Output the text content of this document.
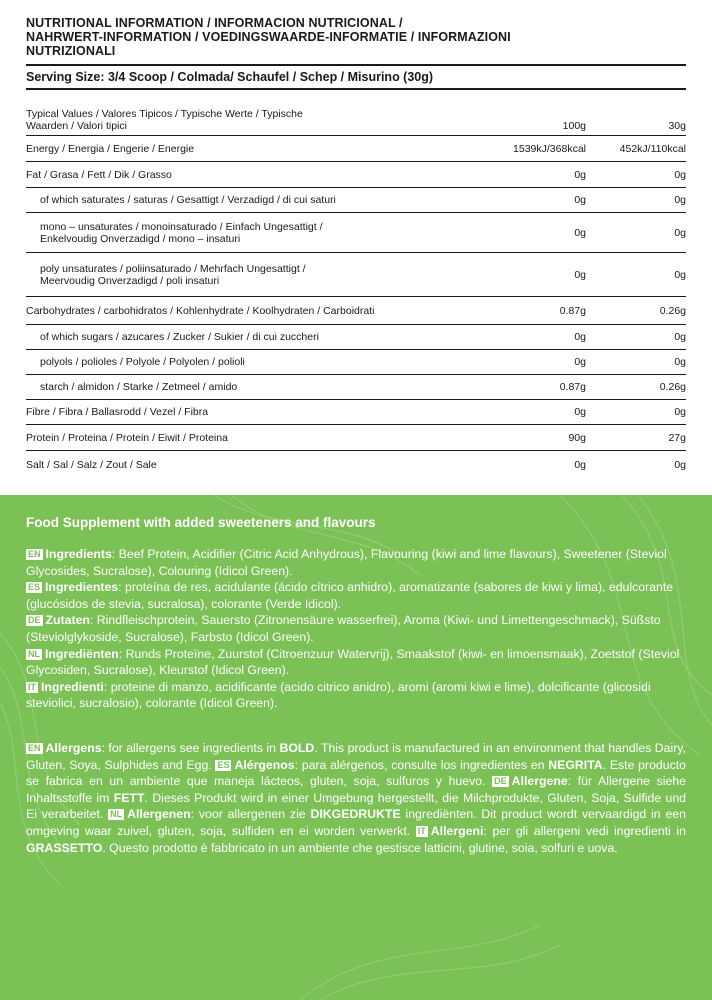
NUTRITIONAL INFORMATION / INFORMACION NUTRICIONAL /
NAHRWERT-INFORMATION / VOEDINGSWAARDE-INFORMATIE / INFORMAZIONI
NUTRIZIONALI
Serving Size: 3/4 Scoop / Colmada/ Schaufel / Schep / Misurino (30g)
Typical Values / Valores Tipicos / Typische Werte / Typische
Waarden / Valori tipici	100g	30g
Energy / Energia / Engerie / Energie	1539kJ/368kcal	452kJ/110kcal
Fat / Grasa / Fett / Dik / Grasso	0g	0g
of which saturates / saturas / Gesattigt / Verzadigd / di cui saturi	0g	0g
mono – unsaturates / monoinsaturado / Einfach Ungesattigt /
Enkelvoudig Onverzadigd / mono – insaturi	0g	0g
poly unsaturates / poliinsaturado / Mehrfach Ungesattigt /
Meervoudig Onverzadigd / poli insaturi	0g	0g
Carbohydrates / carbohidratos / Kohlenhydrate / Koolhydraten / Carboidrati	0.87g	0.26g
of which sugars / azucares / Zucker / Sukier / di cui zuccheri	0g	0g
polyols / polioles / Polyole / Polyolen / polioli	0g	0g
starch / almidon / Starke / Zetmeel / amido	0.87g	0.26g
Fibre / Fibra / Ballasrodd / Vezel / Fibra	0g	0g
Protein / Proteina / Protein / Eiwit / Proteina	90g	27g
Salt / Sal / Salz / Zout / Sale	0g	0g
Food Supplement with added sweeteners and flavours
EN Ingredients: Beef Protein, Acidifier (Citric Acid Anhydrous), Flavouring (kiwi and lime flavours), Sweetener (Steviol Glycosides, Sucralose), Colouring (Idicol Green).
ES Ingredientes: proteína de res, acidulante (ácido cítrico anhidro), aromatizante (sabores de kiwi y lima), edulcorante (glucósidos de stevia, sucralosa), colorante (Verde Idicol).
DE Zutaten: Rindfleischprotein, Sauersto (Zitronensäure wasserfrei), Aroma (Kiwi- und Limettengeschmack), Süßsto (Steviolglykoside, Sucralose), Farbsto (Idicol Green).
NL Ingrediënten: Runds Proteïne, Zuurstof (Citroenzuur Watervrij), Smaakstof (kiwi- en limoensmaak), Zoetstof (Steviol Glycosiden, Sucralose), Kleurstof (Idicol Green).
IT Ingredienti: proteine di manzo, acidificante (acido citrico anidro), aromi (aromi kiwi e lime), dolcificante (glicosidi steviolici, sucralosio), colorante (Idicol Green).
EN Allergens: for allergens see ingredients in BOLD. This product is manufactured in an environment that handles Dairy, Gluten, Soya, Sulphides and Egg. ES Alérgenos: para alérgenos, consulte los ingredientes en NEGRITA. Este producto se fabrica en un ambiente que maneja lácteos, gluten, soja, sulfuros y huevo. DE Allergene: für Allergene siehe Inhaltsstoffe im FETT. Dieses Produkt wird in einer Umgebung hergestellt, die Milchprodukte, Gluten, Soja, Sulfide und Ei verarbeitet. NL Allergenen: voor allergenen zie DIKGEDRUKTE ingrediënten. Dit product wordt vervaardigd in een omgeving waar zuivel, gluten, soja, sulfiden en ei worden verwerkt. IT Allergeni: per gli allergeni vedi ingredienti in GRASSETTO. Questo prodotto è fabbricato in un ambiente che gestisce latticini, glutine, soia, solfuri e uova.
